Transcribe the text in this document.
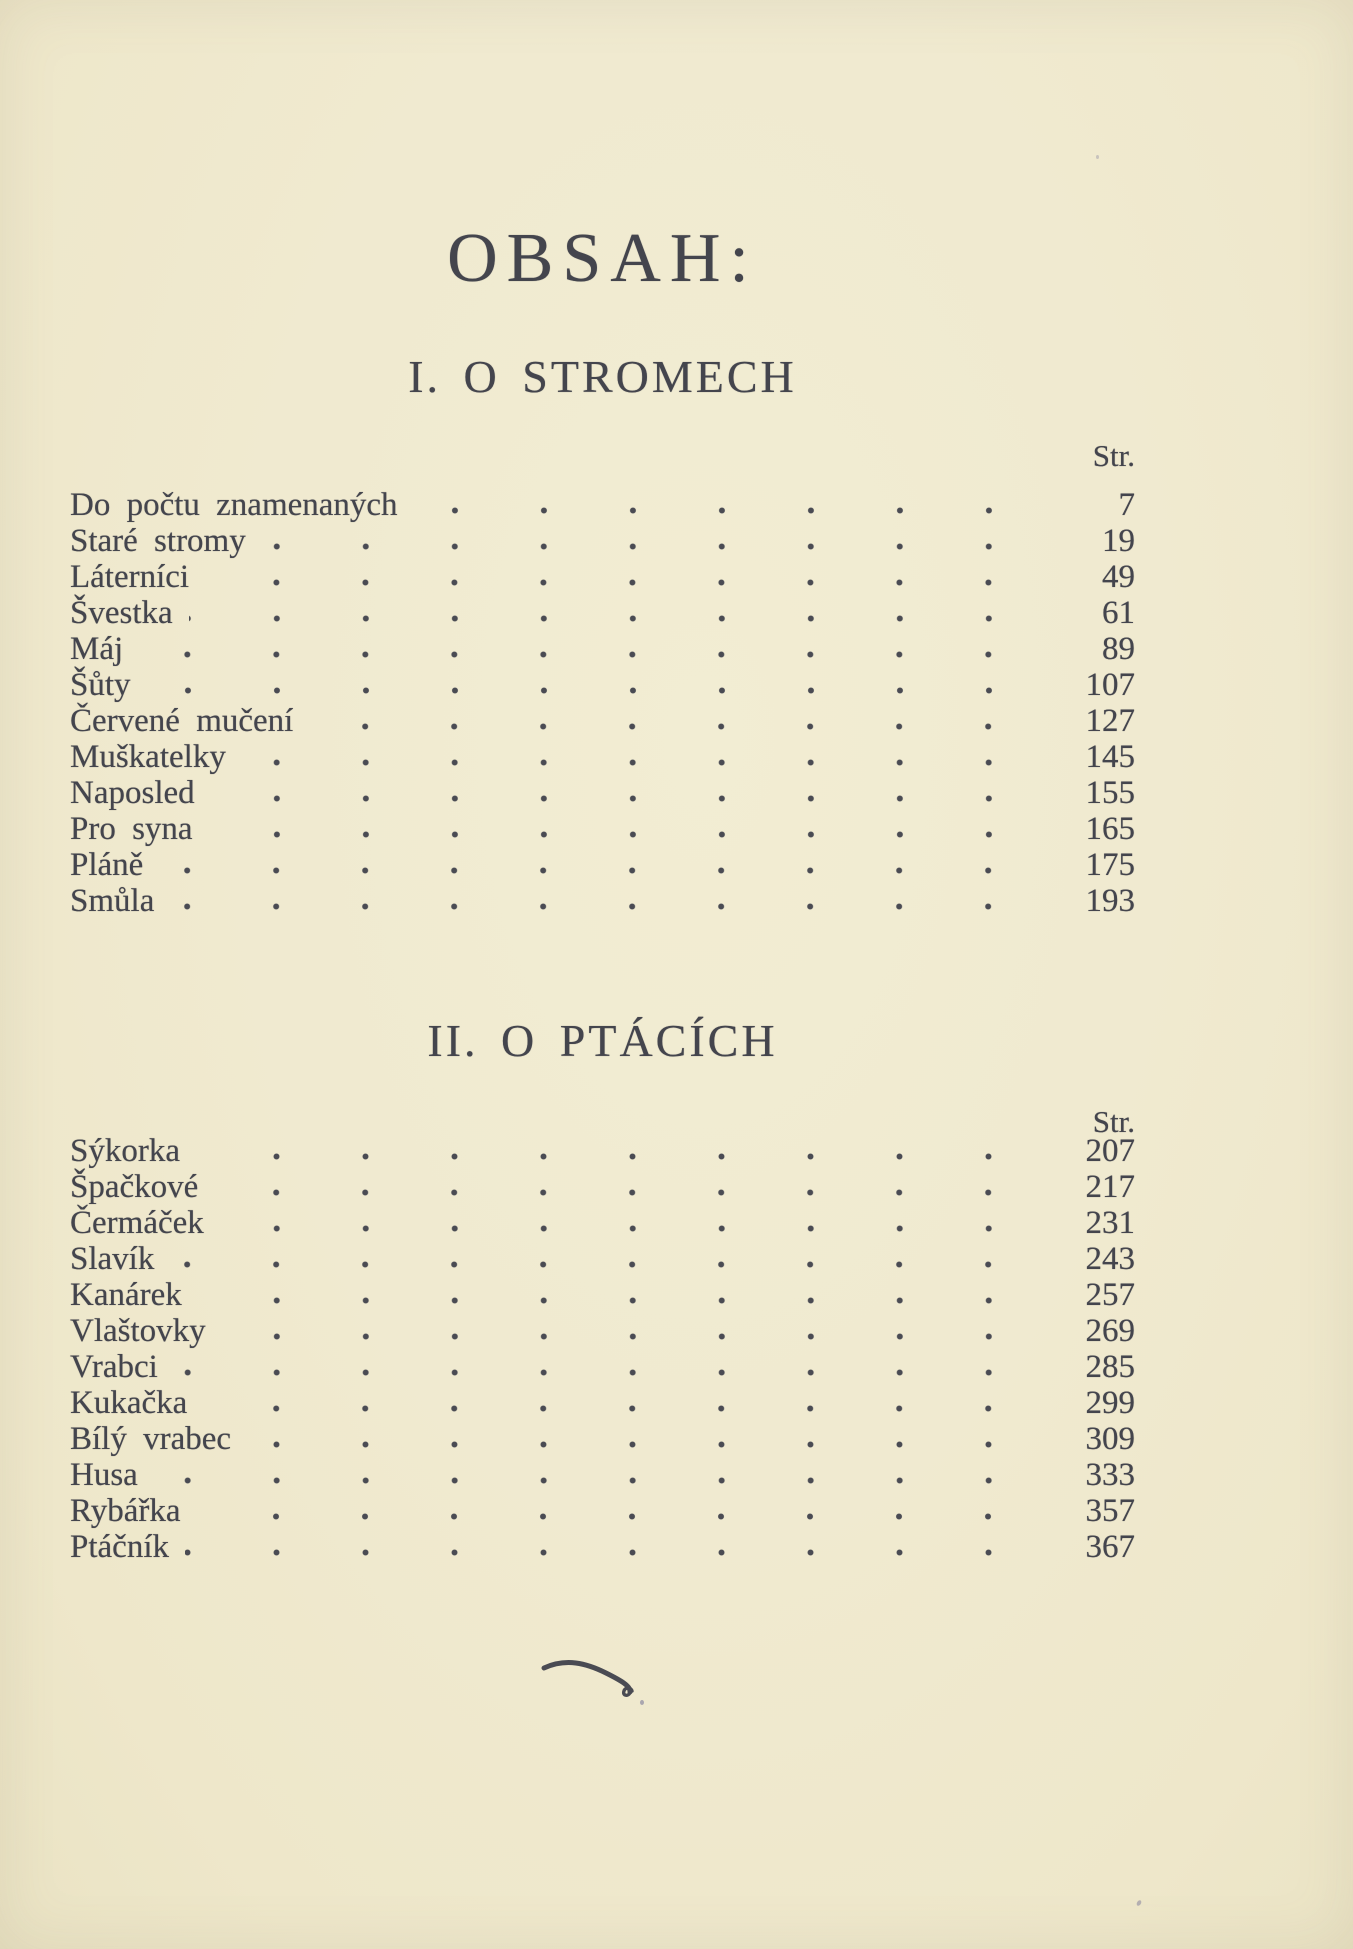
OBSAH:
I. O STROMECH
Str.
Do počtu znamenaných	7
Staré stromy	19
Láterníci	49
Švestka	61
Máj	89
Šůty	107
Červené mučení	127
Muškatelky	145
Naposled	155
Pro syna	165
Pláně	175
Smůla	193
II. O PTÁCÍCH
Str.
Sýkorka	207
Špačkové	217
Čermáček	231
Slavík	243
Kanárek	257
Vlaštovky	269
Vrabci	285
Kukačka	299
Bílý vrabec	309
Husa	333
Rybářka	357
Ptáčník	367
